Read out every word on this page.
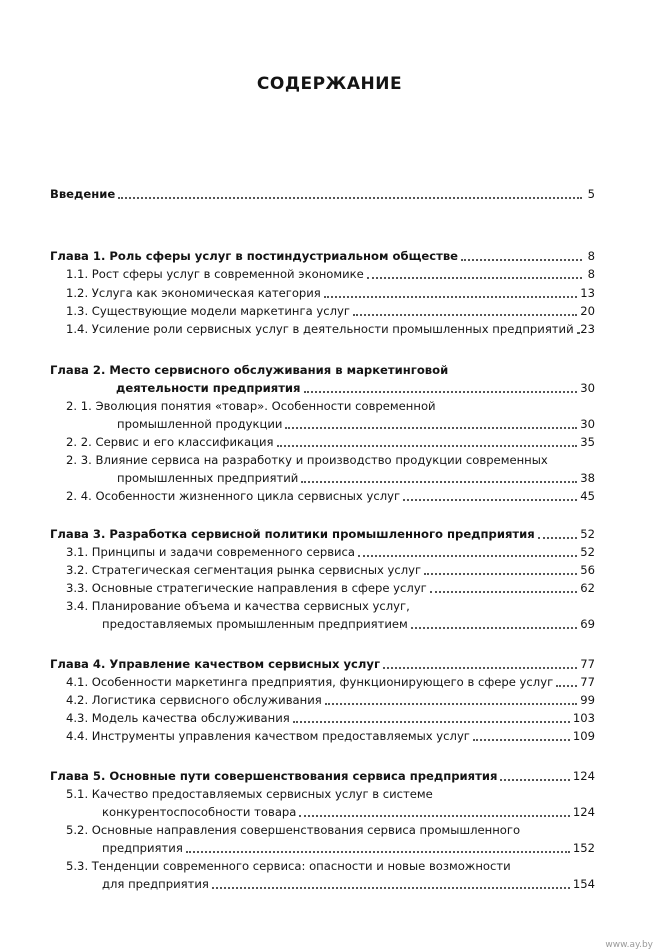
СОДЕРЖАНИЕ
Введение	5
Глава 1. Роль сферы услуг в постиндустриальном обществе	8
1.1. Рост сферы услуг в современной экономике	8
1.2. Услуга как экономическая категория	13
1.3. Существующие модели маркетинга услуг	20
1.4. Усиление роли сервисных услуг в деятельности промышленных предприятий 23
Глава 2. Место сервисного обслуживания в маркетинговой
деятельности предприятия	30
2. 1. Эволюция понятия «товар». Особенности современной
промышленной продукции	30
2. 2. Сервис и его классификация	35
2. 3. Влияние сервиса на разработку и производство продукции современных
промышленных предприятий	38
2. 4. Особенности жизненного цикла сервисных услуг	45
Глава 3. Разработка сервисной политики промышленного предприятия	52
3.1. Принципы и задачи современного сервиса	52
3.2. Стратегическая сегментация рынка сервисных услуг	56
3.3. Основные стратегические направления в сфере услуг	62
3.4. Планирование объема и качества сервисных услуг,
предоставляемых промышленным предприятием	69
Глава 4. Управление качеством сервисных услуг	77
4.1. Особенности маркетинга предприятия, функционирующего в сфере услуг 77
4.2. Логистика сервисного обслуживания	99
4.3. Модель качества обслуживания	103
4.4. Инструменты управления качеством предоставляемых услуг	109
Глава 5. Основные пути совершенствования сервиса предприятия	124
5.1. Качество предоставляемых сервисных услуг в системе
конкурентоспособности товара	124
5.2. Основные направления совершенствования сервиса промышленного
предприятия	152
5.3. Тенденции современного сервиса: опасности и новые возможности
для предприятия	154
www.ay.by
